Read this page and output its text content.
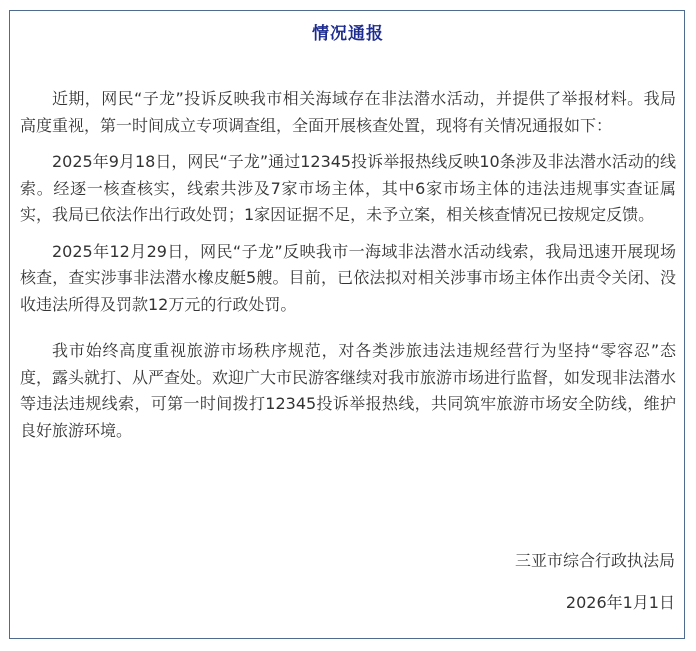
情况通报

近期，网民“子龙”投诉反映我市相关海域存在非法潜水活动，并提供了举报材料。我局高度重视，第一时间成立专项调查组，全面开展核查处置，现将有关情况通报如下：

2025年9月18日，网民“子龙”通过12345投诉举报热线反映10条涉及非法潜水活动的线索。经逐一核查核实，线索共涉及7家市场主体，其中6家市场主体的违法违规事实查证属实，我局已依法作出行政处罚；1家因证据不足，未予立案，相关核查情况已按规定反馈。

2025年12月29日，网民“子龙”反映我市一海域非法潜水活动线索，我局迅速开展现场核查，查实涉事非法潜水橡皮艇5艘。目前，已依法拟对相关涉事市场主体作出责令关闭、没收违法所得及罚款12万元的行政处罚。

我市始终高度重视旅游市场秩序规范，对各类涉旅违法违规经营行为坚持“零容忍”态度，露头就打、从严查处。欢迎广大市民游客继续对我市旅游市场进行监督，如发现非法潜水等违法违规线索，可第一时间拨打12345投诉举报热线，共同筑牢旅游市场安全防线，维护良好旅游环境。

三亚市综合行政执法局
2026年1月1日
